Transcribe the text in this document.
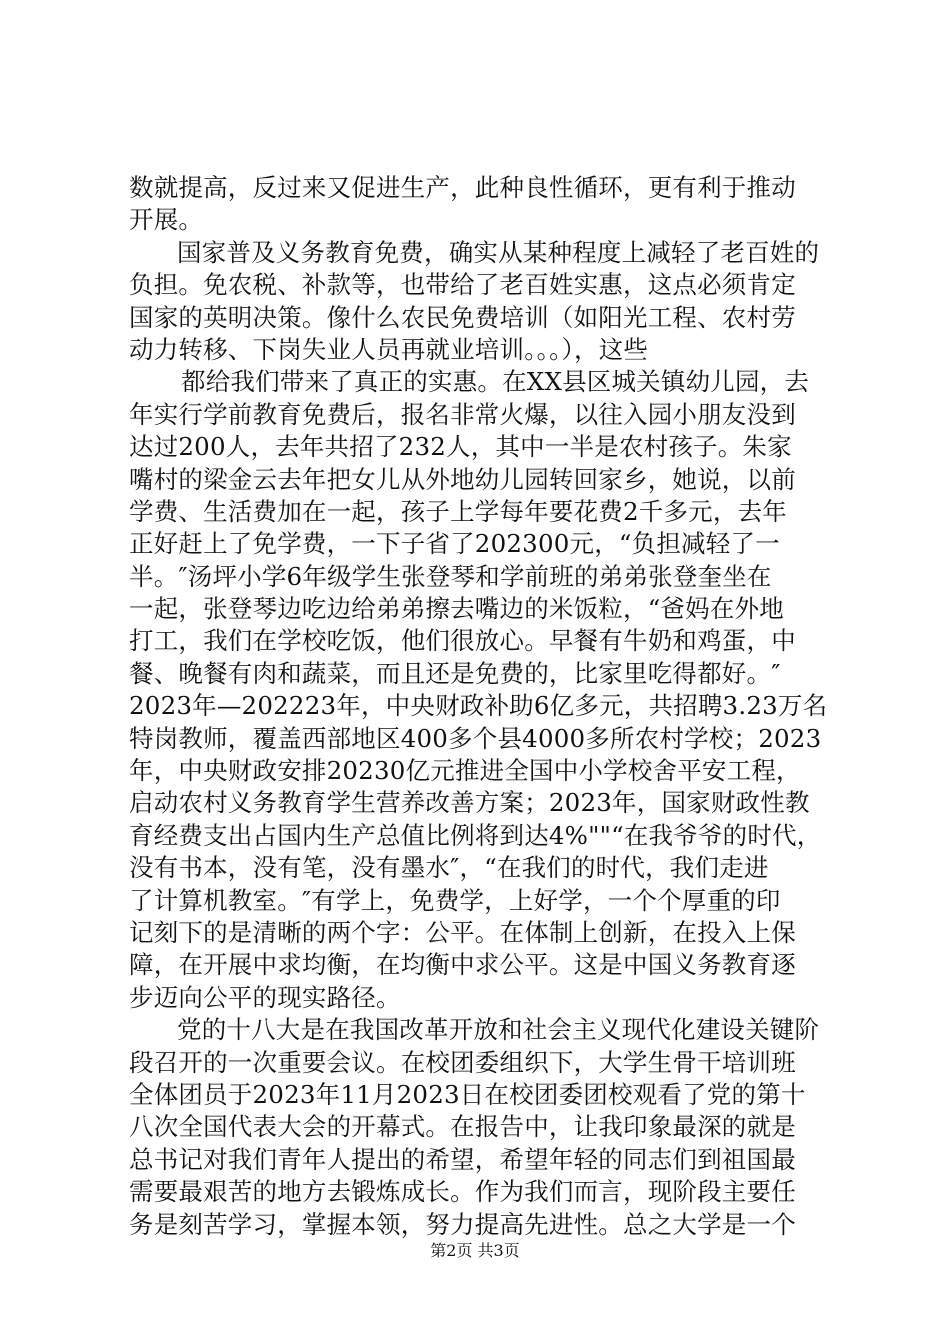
数就提高，反过来又促进生产，此种良性循环，更有利于推动
开展。
国家普及义务教育免费，确实从某种程度上减轻了老百姓的
负担。免农税、补款等，也带给了老百姓实惠，这点必须肯定
国家的英明决策。像什么农民免费培训（如阳光工程、农村劳
动力转移、下岗失业人员再就业培训。。。），这些
都给我们带来了真正的实惠。在XX县区城关镇幼儿园，去
年实行学前教育免费后，报名非常火爆，以往入园小朋友没到
达过200人，去年共招了232人，其中一半是农村孩子。朱家
嘴村的梁金云去年把女儿从外地幼儿园转回家乡，她说，以前
学费、生活费加在一起，孩子上学每年要花费2千多元，去年
正好赶上了免学费，一下子省了202300元，“负担减轻了一
半。″汤坪小学6年级学生张登琴和学前班的弟弟张登奎坐在
一起，张登琴边吃边给弟弟擦去嘴边的米饭粒，“爸妈在外地
打工，我们在学校吃饭，他们很放心。早餐有牛奶和鸡蛋，中
餐、晚餐有肉和蔬菜，而且还是免费的，比家里吃得都好。″
2023年—202223年，中央财政补助6亿多元，共招聘3.23万名
特岗教师，覆盖西部地区400多个县4000多所农村学校；2023
年，中央财政安排20230亿元推进全国中小学校舍平安工程，
启动农村义务教育学生营养改善方案；2023年，国家财政性教
育经费支出占国内生产总值比例将到达4%""“在我爷爷的时代，
没有书本，没有笔，没有墨水″，“在我们的时代，我们走进
了计算机教室。″有学上，免费学，上好学，一个个厚重的印
记刻下的是清晰的两个字：公平。在体制上创新，在投入上保
障，在开展中求均衡，在均衡中求公平。这是中国义务教育逐
步迈向公平的现实路径。
党的十八大是在我国改革开放和社会主义现代化建设关键阶
段召开的一次重要会议。在校团委组织下，大学生骨干培训班
全体团员于2023年11月2023日在校团委团校观看了党的第十
八次全国代表大会的开幕式。在报告中，让我印象最深的就是
总书记对我们青年人提出的希望，希望年轻的同志们到祖国最
需要最艰苦的地方去锻炼成长。作为我们而言，现阶段主要任
务是刻苦学习，掌握本领，努力提高先进性。总之大学是一个
第2页 共3页
